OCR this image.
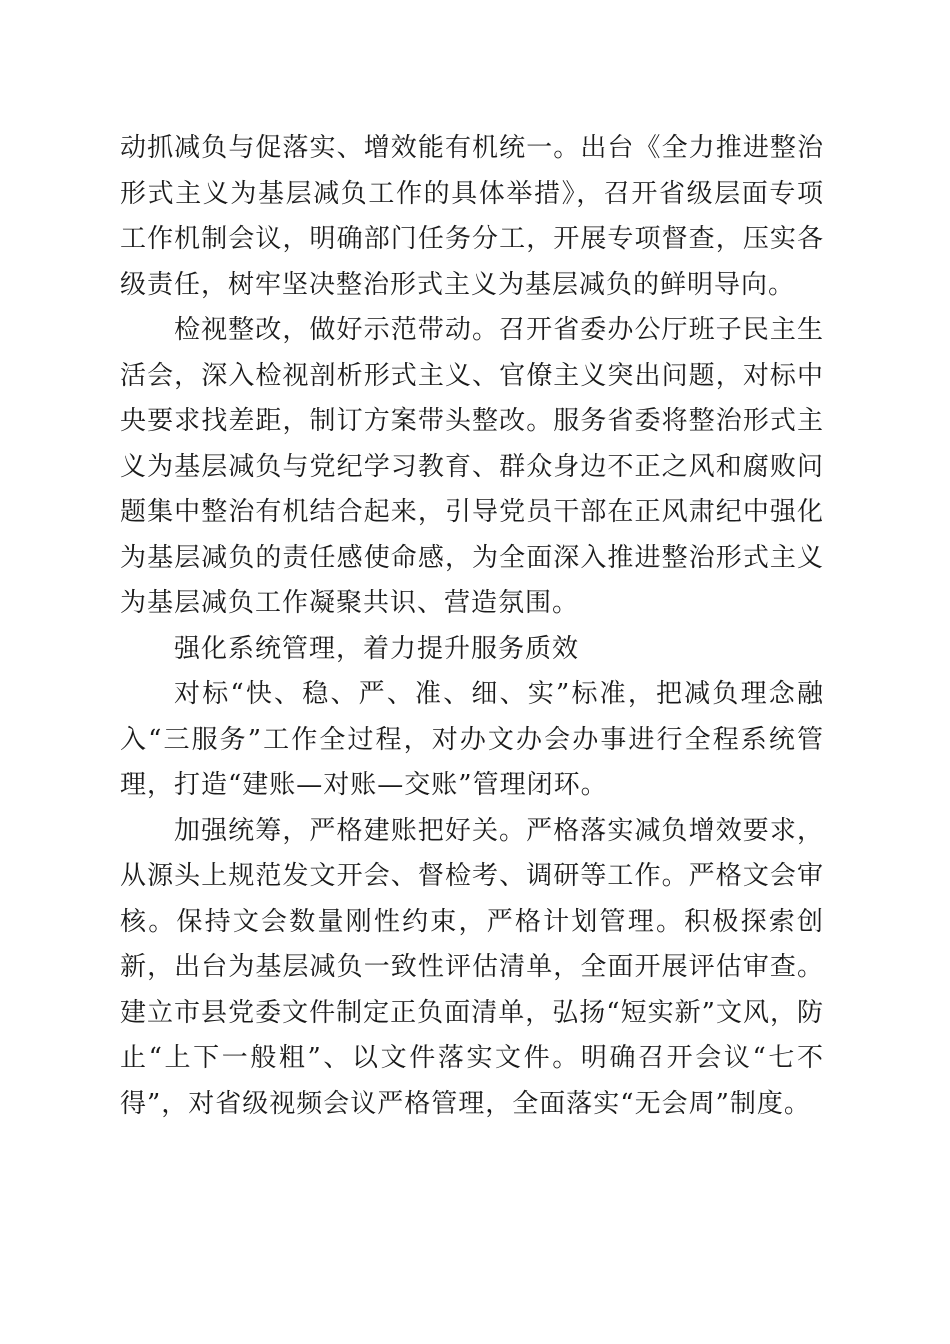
动抓减负与促落实、增效能有机统一。出台《全力推进整治形式主义为基层减负工作的具体举措》，召开省级层面专项工作机制会议，明确部门任务分工，开展专项督查，压实各级责任，树牢坚决整治形式主义为基层减负的鲜明导向。

检视整改，做好示范带动。召开省委办公厅班子民主生活会，深入检视剖析形式主义、官僚主义突出问题，对标中央要求找差距，制订方案带头整改。服务省委将整治形式主义为基层减负与党纪学习教育、群众身边不正之风和腐败问题集中整治有机结合起来，引导党员干部在正风肃纪中强化为基层减负的责任感使命感，为全面深入推进整治形式主义为基层减负工作凝聚共识、营造氛围。

强化系统管理，着力提升服务质效

对标“快、稳、严、准、细、实”标准，把减负理念融入“三服务”工作全过程，对办文办会办事进行全程系统管理，打造“建账—对账—交账”管理闭环。

加强统筹，严格建账把好关。严格落实减负增效要求，从源头上规范发文开会、督检考、调研等工作。严格文会审核。保持文会数量刚性约束，严格计划管理。积极探索创新，出台为基层减负一致性评估清单，全面开展评估审查。建立市县党委文件制定正负面清单，弘扬“短实新”文风，防止“上下一般粗”、以文件落实文件。明确召开会议“七不得”，对省级视频会议严格管理，全面落实“无会周”制度。
